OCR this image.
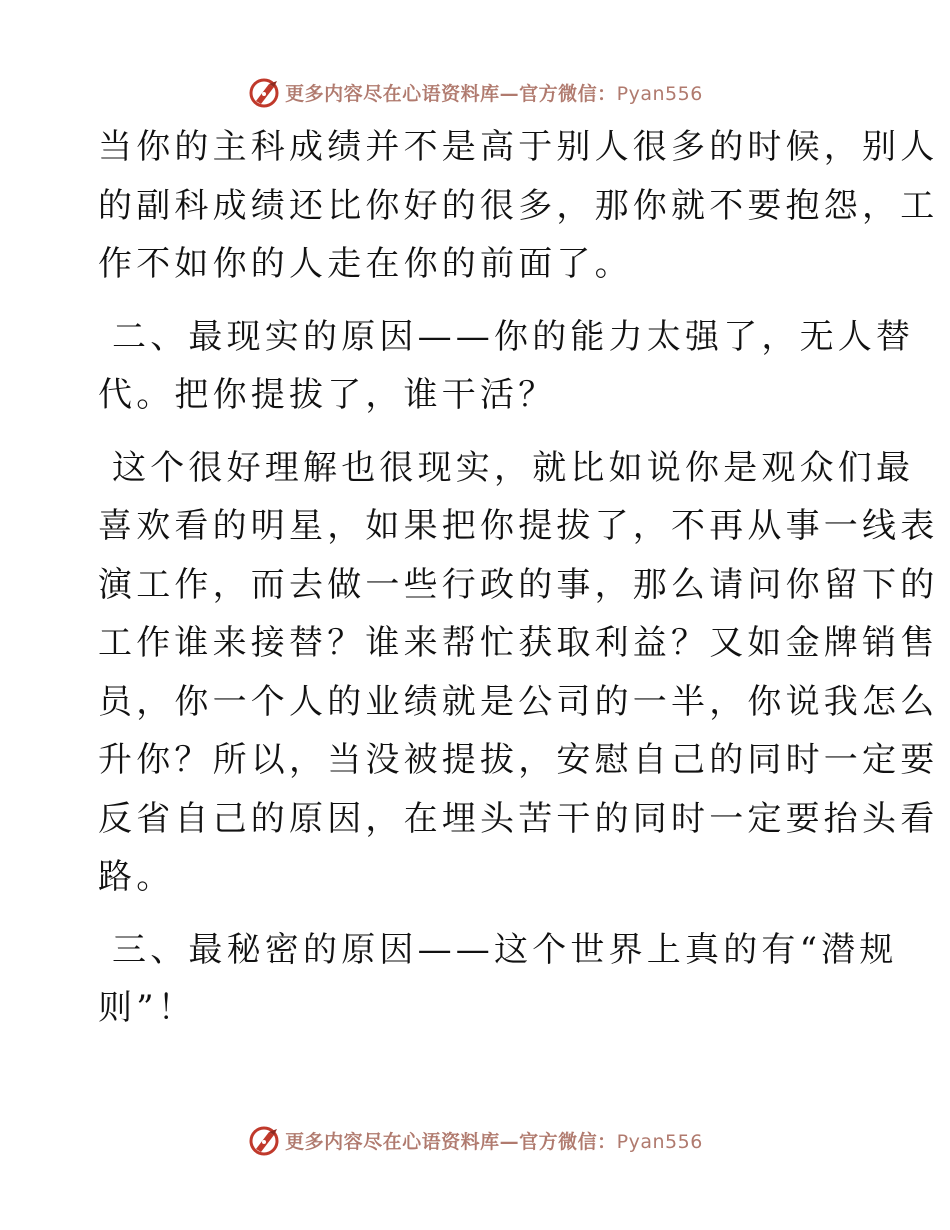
更多内容尽在心语资料库—官方微信：Pyan556
当你的主科成绩并不是高于别人很多的时候，别人
的副科成绩还比你好的很多，那你就不要抱怨，工
作不如你的人走在你的前面了。
二、最现实的原因——你的能力太强了，无人替
代。把你提拔了，谁干活？
这个很好理解也很现实，就比如说你是观众们最
喜欢看的明星，如果把你提拔了，不再从事一线表
演工作，而去做一些行政的事，那么请问你留下的
工作谁来接替？谁来帮忙获取利益？又如金牌销售
员，你一个人的业绩就是公司的一半，你说我怎么
升你？所以，当没被提拔，安慰自己的同时一定要
反省自己的原因，在埋头苦干的同时一定要抬头看
路。
三、最秘密的原因——这个世界上真的有“潜规
则”！
更多内容尽在心语资料库—官方微信：Pyan556
